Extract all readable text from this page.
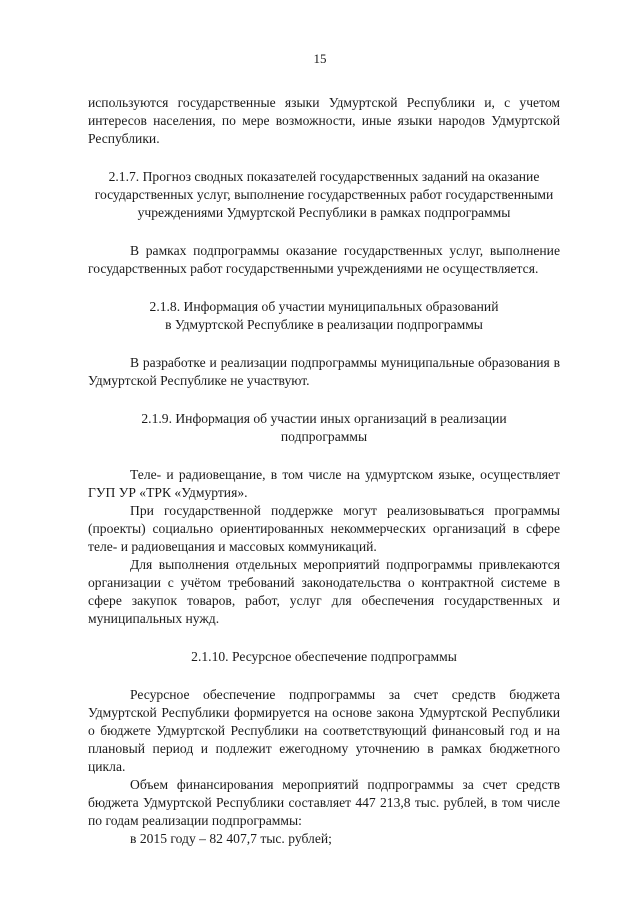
15

используются государственные языки Удмуртской Республики и, с учетом интересов населения, по мере возможности, иные языки народов Удмуртской Республики.

2.1.7. Прогноз сводных показателей государственных заданий на оказание государственных услуг, выполнение государственных работ государственными учреждениями Удмуртской Республики в рамках подпрограммы

В рамках подпрограммы оказание государственных услуг, выполнение государственных работ государственными учреждениями не осуществляется.

2.1.8. Информация об участии муниципальных образований в Удмуртской Республике в реализации подпрограммы

В разработке и реализации подпрограммы муниципальные образования в Удмуртской Республике не участвуют.

2.1.9. Информация об участии иных организаций в реализации подпрограммы

Теле- и радиовещание, в том числе на удмуртском языке, осуществляет ГУП УР «ТРК «Удмуртия».

При государственной поддержке могут реализовываться программы (проекты) социально ориентированных некоммерческих организаций в сфере теле- и радиовещания и массовых коммуникаций.

Для выполнения отдельных мероприятий подпрограммы привлекаются организации с учётом требований законодательства о контрактной системе в сфере закупок товаров, работ, услуг для обеспечения государственных и муниципальных нужд.

2.1.10. Ресурсное обеспечение подпрограммы

Ресурсное обеспечение подпрограммы за счет средств бюджета Удмуртской Республики формируется на основе закона Удмуртской Республики о бюджете Удмуртской Республики на соответствующий финансовый год и на плановый период и подлежит ежегодному уточнению в рамках бюджетного цикла.

Объем финансирования мероприятий подпрограммы за счет средств бюджета Удмуртской Республики составляет 447 213,8 тыс. рублей, в том числе по годам реализации подпрограммы:

в 2015 году – 82 407,7 тыс. рублей;
